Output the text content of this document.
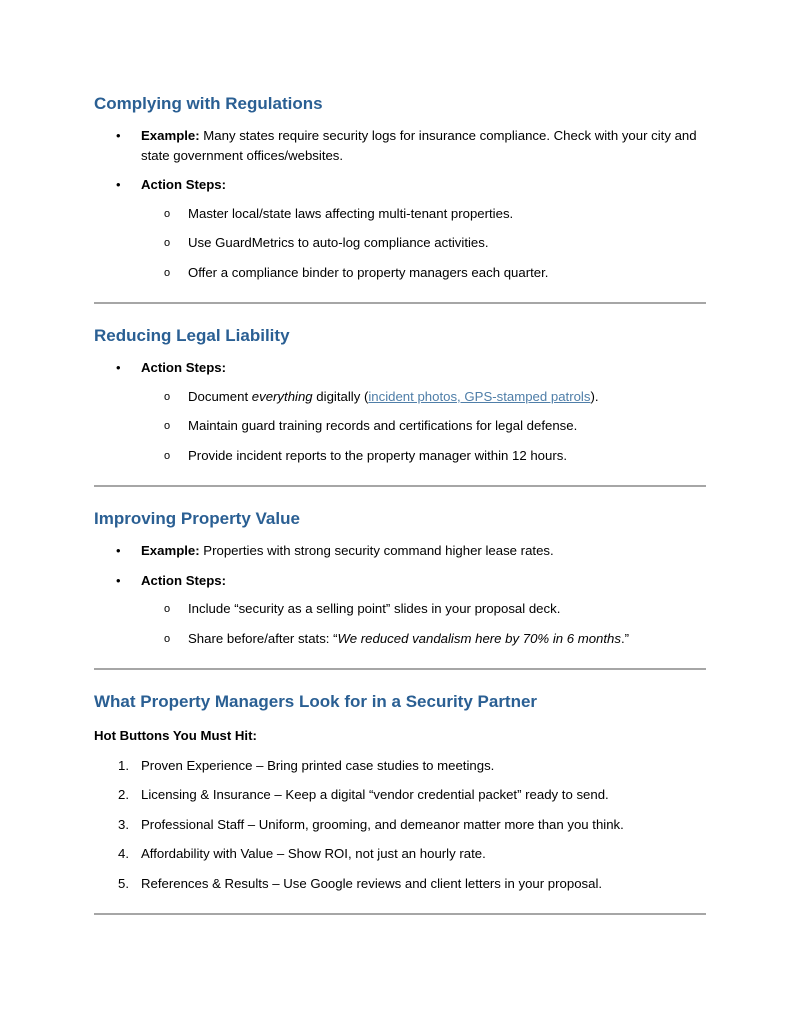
Complying with Regulations
• Example: Many states require security logs for insurance compliance. Check with your city and state government offices/websites.
• Action Steps:
o Master local/state laws affecting multi-tenant properties.
o Use GuardMetrics to auto-log compliance activities.
o Offer a compliance binder to property managers each quarter.
Reducing Legal Liability
• Action Steps:
o Document everything digitally (incident photos, GPS-stamped patrols).
o Maintain guard training records and certifications for legal defense.
o Provide incident reports to the property manager within 12 hours.
Improving Property Value
• Example: Properties with strong security command higher lease rates.
• Action Steps:
o Include “security as a selling point” slides in your proposal deck.
o Share before/after stats: “We reduced vandalism here by 70% in 6 months.”
What Property Managers Look for in a Security Partner
Hot Buttons You Must Hit:
1. Proven Experience – Bring printed case studies to meetings.
2. Licensing & Insurance – Keep a digital “vendor credential packet” ready to send.
3. Professional Staff – Uniform, grooming, and demeanor matter more than you think.
4. Affordability with Value – Show ROI, not just an hourly rate.
5. References & Results – Use Google reviews and client letters in your proposal.
